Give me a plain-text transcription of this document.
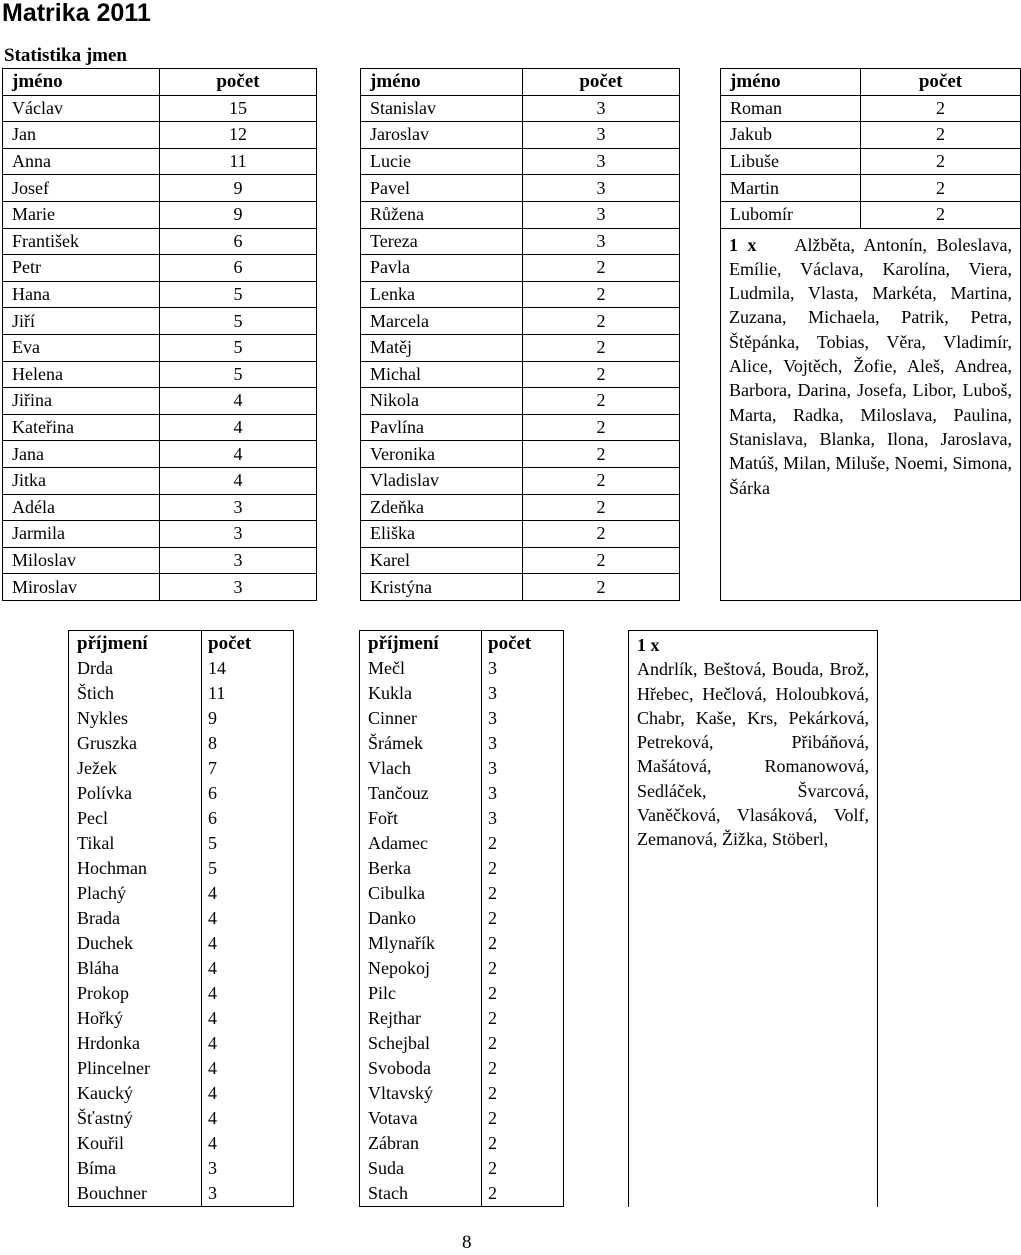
Matrika 2011
Statistika jmen
jméno	počet		jméno	počet		jméno	počet
Václav	15		Stanislav	3		Roman	2
Jan	12		Jaroslav	3		Jakub	2
Anna	11		Lucie	3		Libuše	2
Josef	9		Pavel	3		Martin	2
Marie	9		Růžena	3		Lubomír	2
František	6		Tereza	3		1 x Alžběta, Antonín, Boleslava, Emílie, Václava, Karolína, Viera, Ludmila, Vlasta, Markéta, Martina, Zuzana, Michaela, Patrik, Petra, Štěpánka, Tobias, Věra, Vladimír, Alice, Vojtěch, Žofie, Aleš, Andrea, Barbora, Darina, Josefa, Libor, Luboš, Marta, Radka, Miloslava, Paulina, Stanislava, Blanka, Ilona, Jaroslava, Matúš, Milan, Miluše, Noemi, Simona, Šárka	
Petr	6		Pavla	2			
Hana	5		Lenka	2			
Jiří	5		Marcela	2			
Eva	5		Matěj	2			
Helena	5		Michal	2			
Jiřina	4		Nikola	2			
Kateřina	4		Pavlína	2			
Jana	4		Veronika	2			
Jitka	4		Vladislav	2			
Adéla	3		Zdeňka	2			
Jarmila	3		Eliška	2			
Miloslav	3		Karel	2			
Miroslav	3		Kristýna	2			
příjmení	počet		příjmení	počet		1 x
Andrlík, Beštová, Bouda, Brož, Hřebec, Hečlová, Holoubková, Chabr, Kaše, Krs, Pekárková, Petreková, Přibáňová, Mašátová, Romanowová, Sedláček, Švarcová, Vaněčková, Vlasáková, Volf, Zemanová, Žižka, Stöberl,
Drda	14		Mečl	3		
Štich	11		Kukla	3		
Nykles	9		Cinner	3		
Gruszka	8		Šrámek	3		
Ježek	7		Vlach	3		
Polívka	6		Tančouz	3		
Pecl	6		Fořt	3		
Tikal	5		Adamec	2		
Hochman	5		Berka	2		
Plachý	4		Cibulka	2		
Brada	4		Danko	2		
Duchek	4		Mlynařík	2		
Bláha	4		Nepokoj	2		
Prokop	4		Pilc	2		
Hořký	4		Rejthar	2		
Hrdonka	4		Schejbal	2		
Plincelner	4		Svoboda	2		
Kaucký	4		Vltavský	2		
Šťastný	4		Votava	2		
Kouřil	4		Zábran	2		
Bíma	3		Suda	2		
Bouchner	3		Stach	2		
8
